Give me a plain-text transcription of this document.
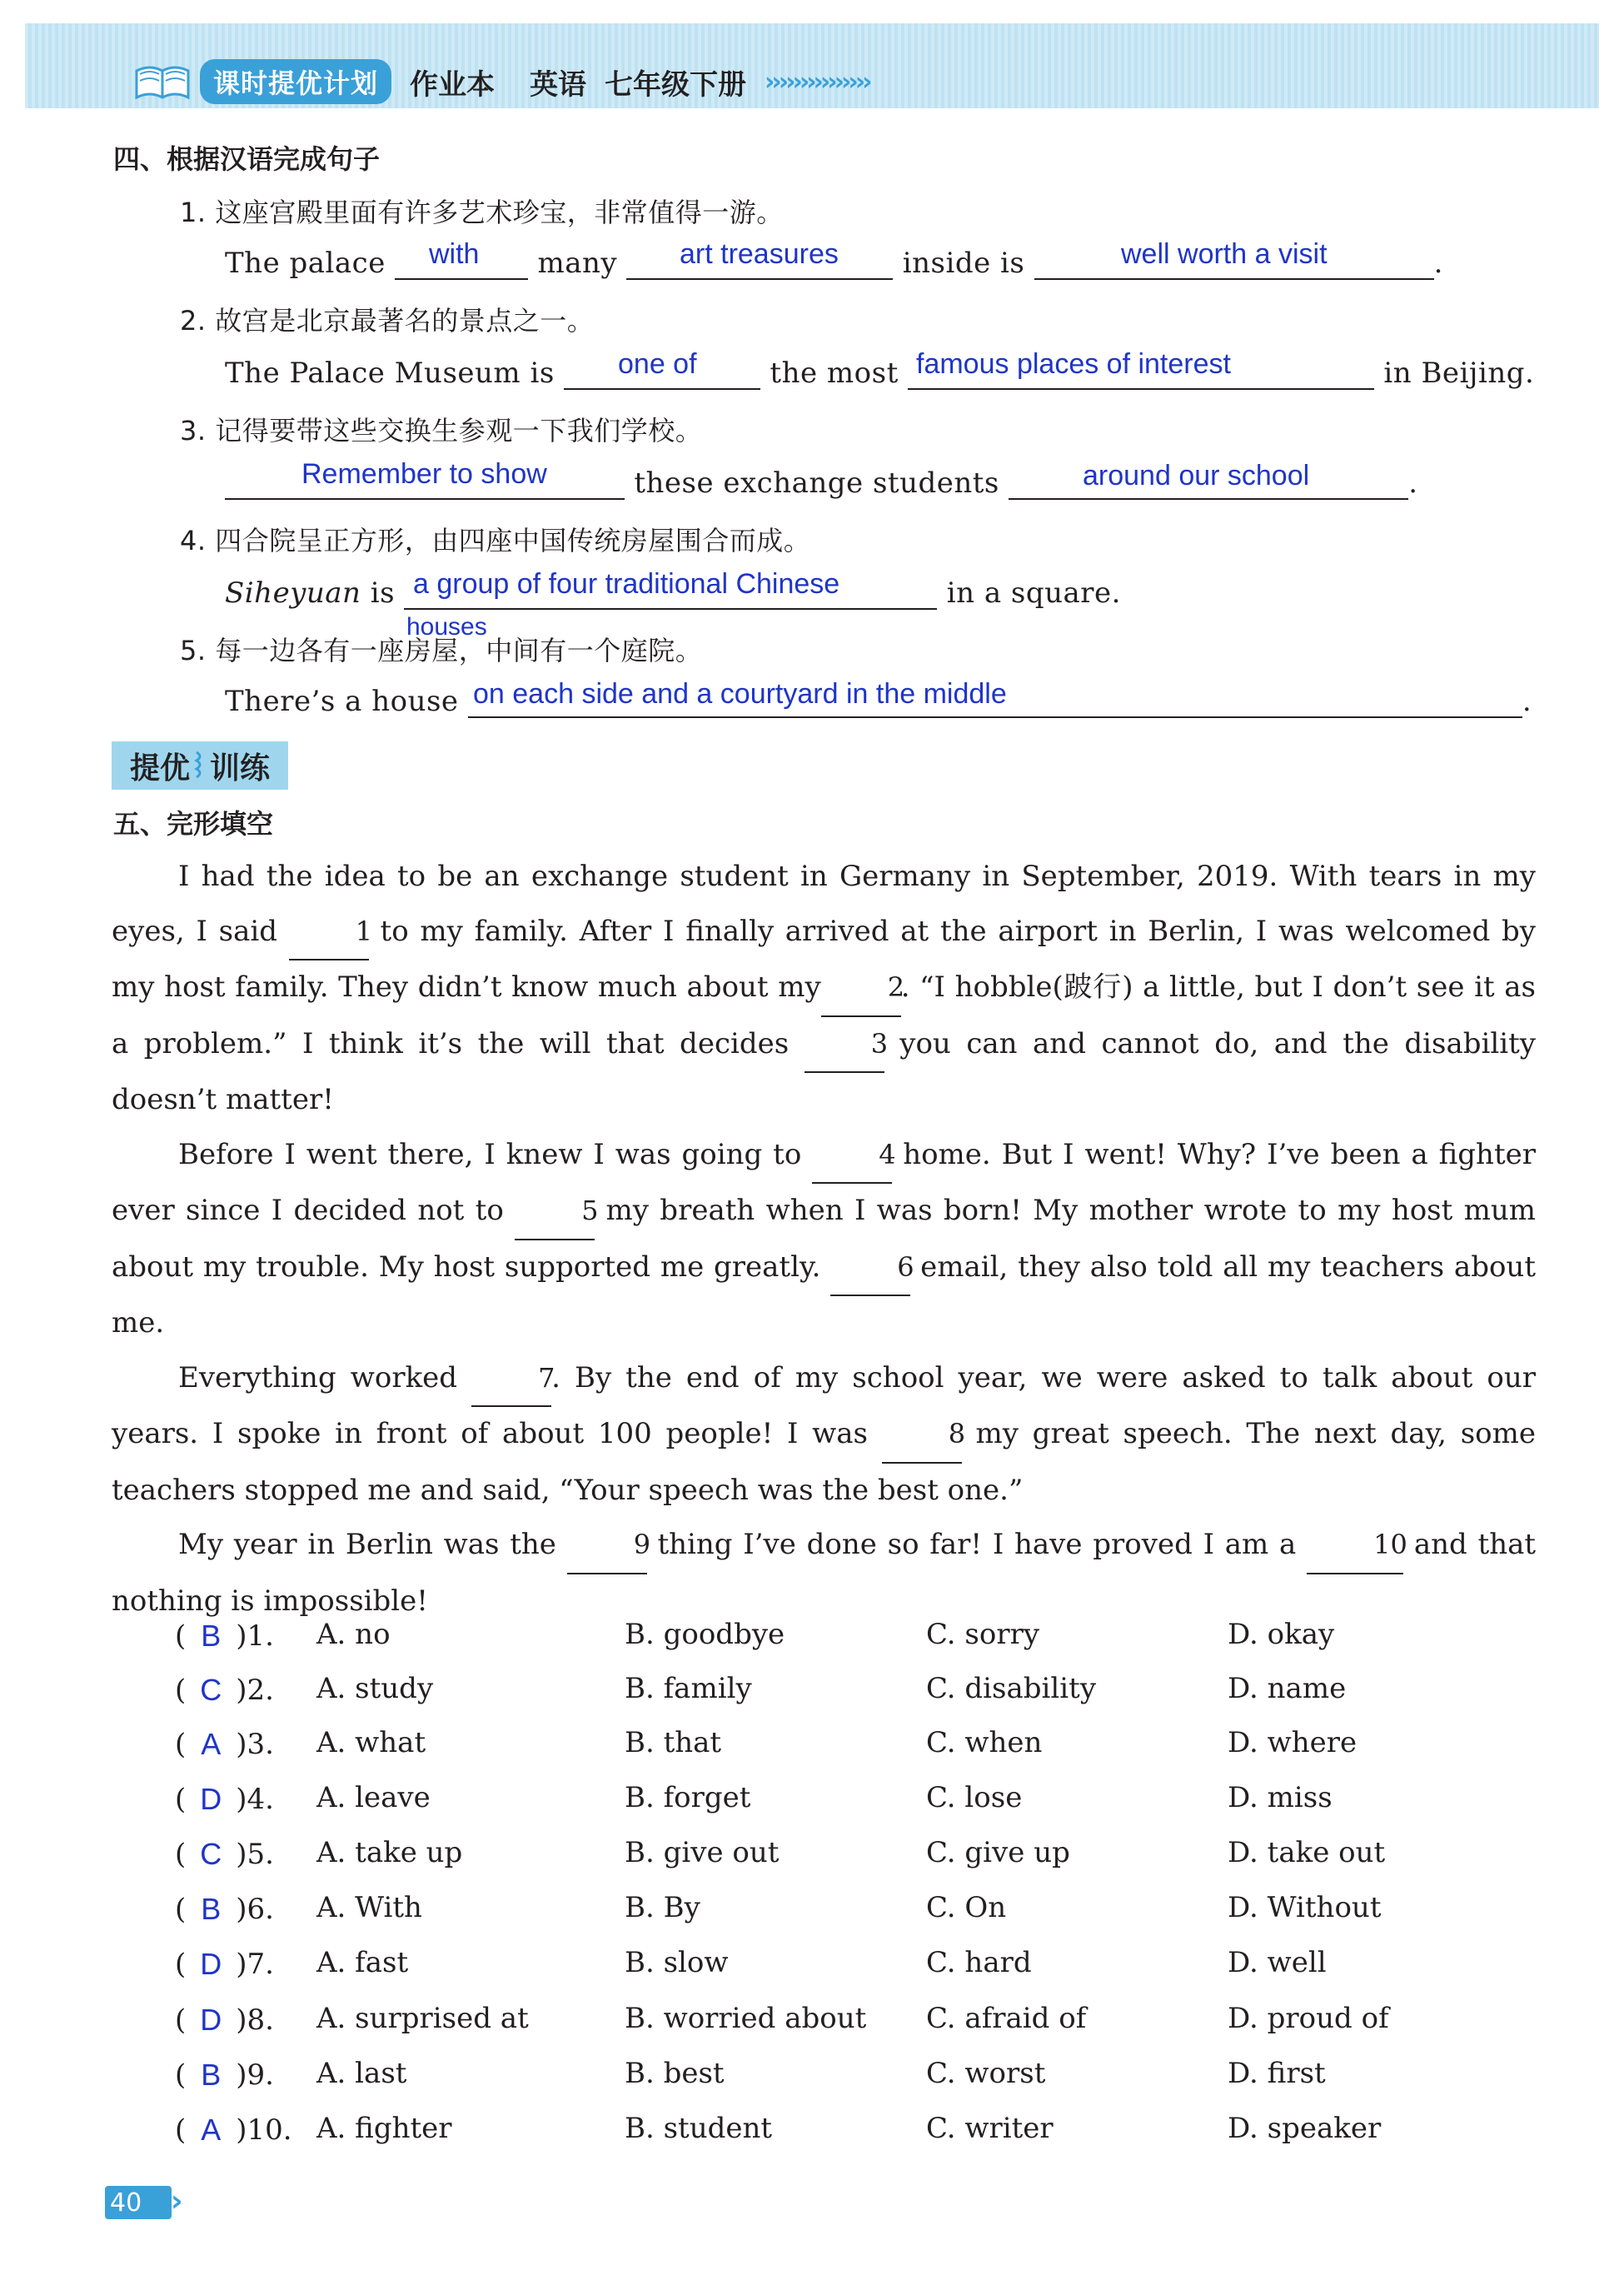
课时提优计划	作业本 英语 七年级下册 ›››››››››››››››
四、根据汉语完成句子
1. 这座宫殿里面有许多艺术珍宝，非常值得一游。
The palace	many	inside is	.
with	art treasures	well worth a visit
2. 故宫是北京最著名的景点之一。
The Palace Museum is	the most	in Beijing.
one of	famous places of interest
3. 记得要带这些交换生参观一下我们学校。
these exchange students	.
Remember to show	around our school
4. 四合院呈正方形，由四座中国传统房屋围合而成。
Siheyuan is	in a square.
a group of four traditional Chinese
houses
5. 每一边各有一座房屋，中间有一个庭院。
There’s a house	.
on each side and a courtyard in the middle
提优 训练
五、完形填空

I had the idea to be an exchange student in Germany in September, 2019. With tears in my eyes, I said	1 to my family. After I finally arrived at the airport in Berlin, I was welcomed by my host family. They didn’t know much about my	2. “I hobble(跛行) a little, but I don’t see it as a problem.” I think it’s the will that decides	3 you can and cannot do, and the disability doesn’t matter!

Before I went there, I knew I was going to	4 home. But I went! Why? I’ve been a fighter ever since I decided not to	5 my breath when I was born! My mother wrote to my host mum about my trouble. My host supported me greatly.	6 email, they also told all my teachers about me.

Everything worked	7. By the end of my school year, we were asked to talk about our years. I spoke in front of about 100 people! I was	8 my great speech. The next day, some teachers stopped me and said, “Your speech was the best one.”

My year in Berlin was the	9 thing I’ve done so far! I have proved I am a	10 and that nothing is impossible!

( B ) 1. A. no	B. goodbye	C. sorry	D. okay
( C ) 2. A. study	B. family	C. disability	D. name
( A ) 3. A. what	B. that	C. when	D. where
( D ) 4. A. leave	B. forget	C. lose	D. miss
( C ) 5. A. take up	B. give out	C. give up	D. take out
( B ) 6. A. With	B. By	C. On	D. Without
( D ) 7. A. fast	B. slow	C. hard	D. well
( D ) 8. A. surprised at	B. worried about C. afraid of	D. proud of
( B ) 9. A. last	B. best	C. worst	D. first
( A ) 10. A. fighter	B. student	C. writer	D. speaker
40 ››
